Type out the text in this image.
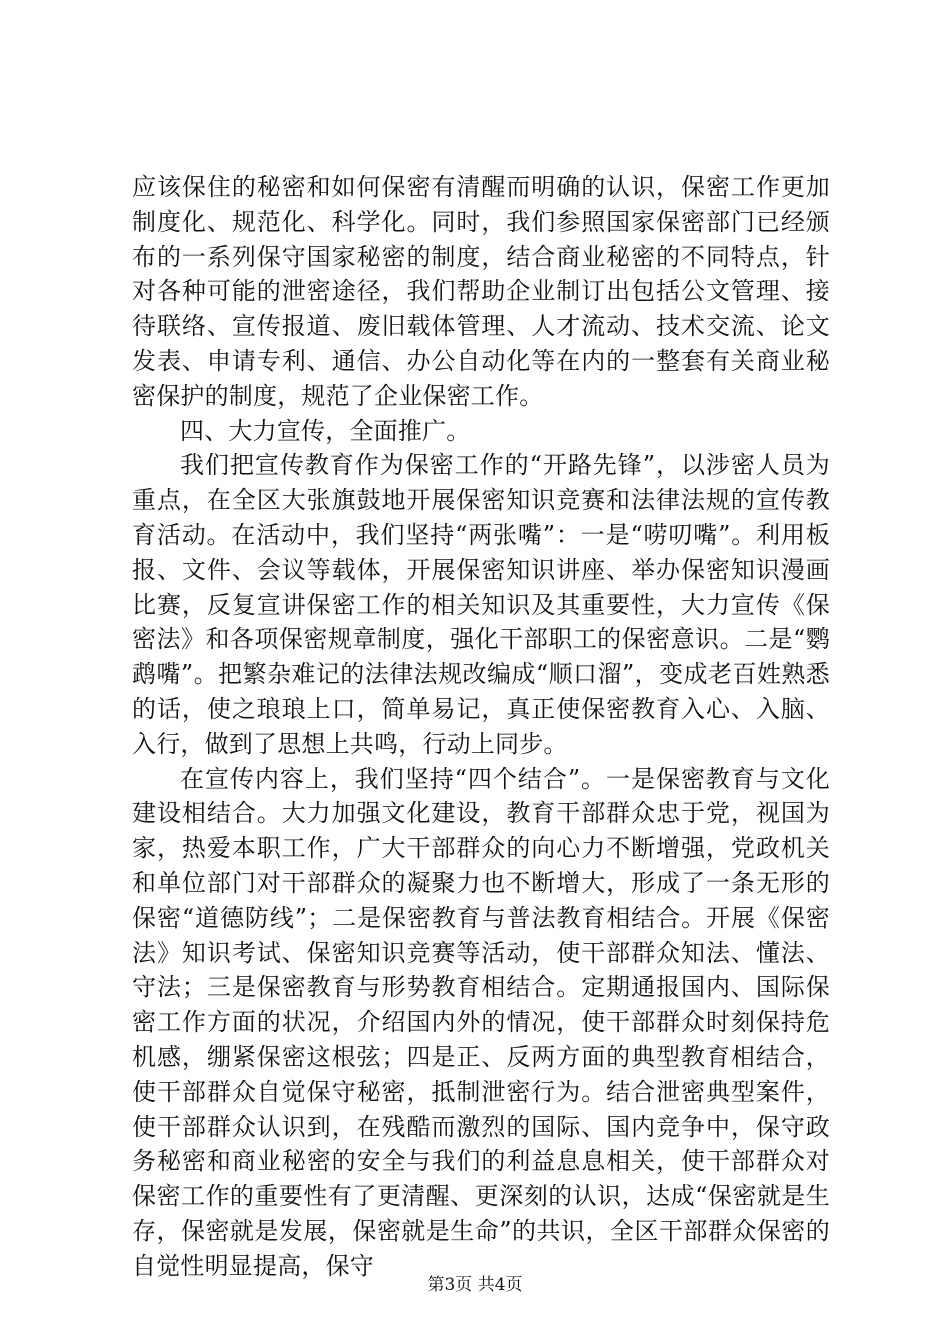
应该保住的秘密和如何保密有清醒而明确的认识，保密工作更加制度化、规范化、科学化。同时，我们参照国家保密部门已经颁布的一系列保守国家秘密的制度，结合商业秘密的不同特点，针对各种可能的泄密途径，我们帮助企业制订出包括公文管理、接待联络、宣传报道、废旧载体管理、人才流动、技术交流、论文发表、申请专利、通信、办公自动化等在内的一整套有关商业秘密保护的制度，规范了企业保密工作。

四、大力宣传，全面推广。

我们把宣传教育作为保密工作的“开路先锋”，以涉密人员为重点，在全区大张旗鼓地开展保密知识竞赛和法律法规的宣传教育活动。在活动中，我们坚持“两张嘴”：一是“唠叨嘴”。利用板报、文件、会议等载体，开展保密知识讲座、举办保密知识漫画比赛，反复宣讲保密工作的相关知识及其重要性，大力宣传《保密法》和各项保密规章制度，强化干部职工的保密意识。二是“鹦鹉嘴”。把繁杂难记的法律法规改编成“顺口溜”，变成老百姓熟悉的话，使之琅琅上口，简单易记，真正使保密教育入心、入脑、入行，做到了思想上共鸣，行动上同步。

在宣传内容上，我们坚持“四个结合”。一是保密教育与文化建设相结合。大力加强文化建设，教育干部群众忠于党，视国为家，热爱本职工作，广大干部群众的向心力不断增强，党政机关和单位部门对干部群众的凝聚力也不断增大，形成了一条无形的保密“道德防线”；二是保密教育与普法教育相结合。开展《保密法》知识考试、保密知识竞赛等活动，使干部群众知法、懂法、守法；三是保密教育与形势教育相结合。定期通报国内、国际保密工作方面的状况，介绍国内外的情况，使干部群众时刻保持危机感，绷紧保密这根弦；四是正、反两方面的典型教育相结合，使干部群众自觉保守秘密，抵制泄密行为。结合泄密典型案件，使干部群众认识到，在残酷而激烈的国际、国内竞争中，保守政务秘密和商业秘密的安全与我们的利益息息相关，使干部群众对保密工作的重要性有了更清醒、更深刻的认识，达成“保密就是生存，保密就是发展，保密就是生命”的共识，全区干部群众保密的自觉性明显提高，保守

第3页 共4页
